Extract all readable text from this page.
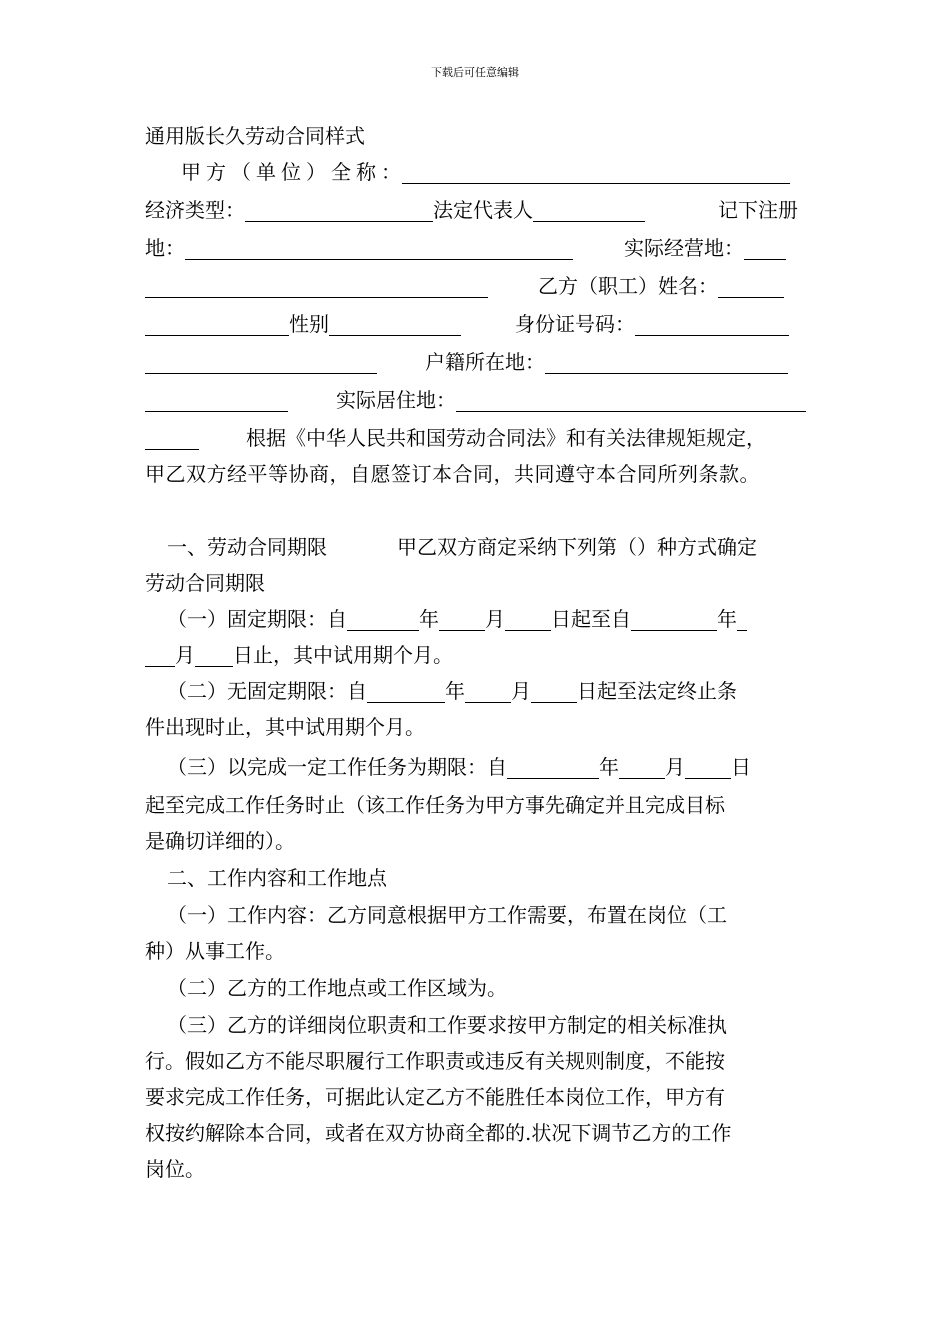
下载后可任意编辑
通用版长久劳动合同样式
甲方（单位）全称：
经济类型：	法定代表人	记下注册
地：	实际经营地：
乙方（职工）姓名：
性别	身份证号码：
户籍所在地：
实际居住地：
根据《中华人民共和国劳动合同法》和有关法律规矩规定，
甲乙双方经平等协商，自愿签订本合同，共同遵守本合同所列条款。
一、劳动合同期限	甲乙双方商定采纳下列第（）种方式确定
劳动合同期限
（一）固定期限：自	年 月 日起至自	年
月 日止，其中试用期个月。
（二）无固定期限：自	年 月 日起至法定终止条
件出现时止，其中试用期个月。
（三）以完成一定工作任务为期限：自	年 月 日
起至完成工作任务时止（该工作任务为甲方事先确定并且完成目标
是确切详细的）。
二、工作内容和工作地点
（一）工作内容：乙方同意根据甲方工作需要，布置在岗位（工
种）从事工作。
（二）乙方的工作地点或工作区域为。
（三）乙方的详细岗位职责和工作要求按甲方制定的相关标准执
行。假如乙方不能尽职履行工作职责或违反有关规则制度，不能按
要求完成工作任务，可据此认定乙方不能胜任本岗位工作，甲方有
权按约解除本合同，或者在双方协商全都的.状况下调节乙方的工作
岗位。
